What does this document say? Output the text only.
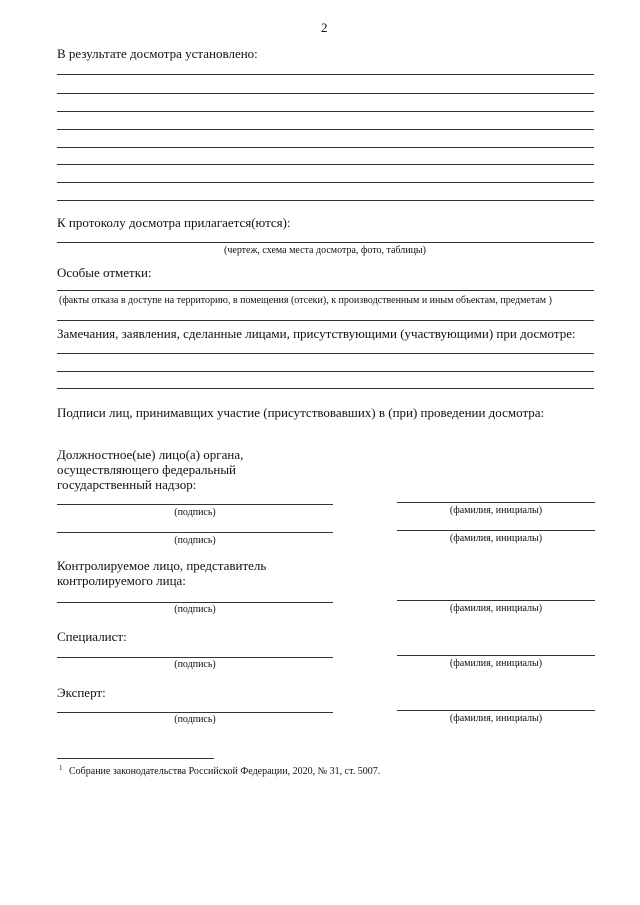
2
В результате досмотра установлено:
К протоколу досмотра прилагается(ются):
(чертеж, схема места досмотра, фото, таблицы)
Особые отметки:
(факты отказа в доступе на территорию, в помещения (отсеки), к производственным и иным объектам, предметам )
Замечания, заявления, сделанные лицами, присутствующими (участвующими) при досмотре:
Подписи лиц, принимавщих участие (присутствовавших) в (при) проведении досмотра:
Должностное(ые) лицо(а) органа,
осуществляющего федеральный
государственный надзор:
(подпись)	(фамилия, инициалы)
(подпись)	(фамилия, инициалы)
Контролируемое лицо, представитель
контролируемого лица:
(подпись)	(фамилия, инициалы)
Специалист:
(подпись)	(фамилия, инициалы)
Эксперт:
(подпись)	(фамилия, инициалы)
$^1$ Собрание законодательства Российской Федерации, 2020, № 31, ст. 5007.
